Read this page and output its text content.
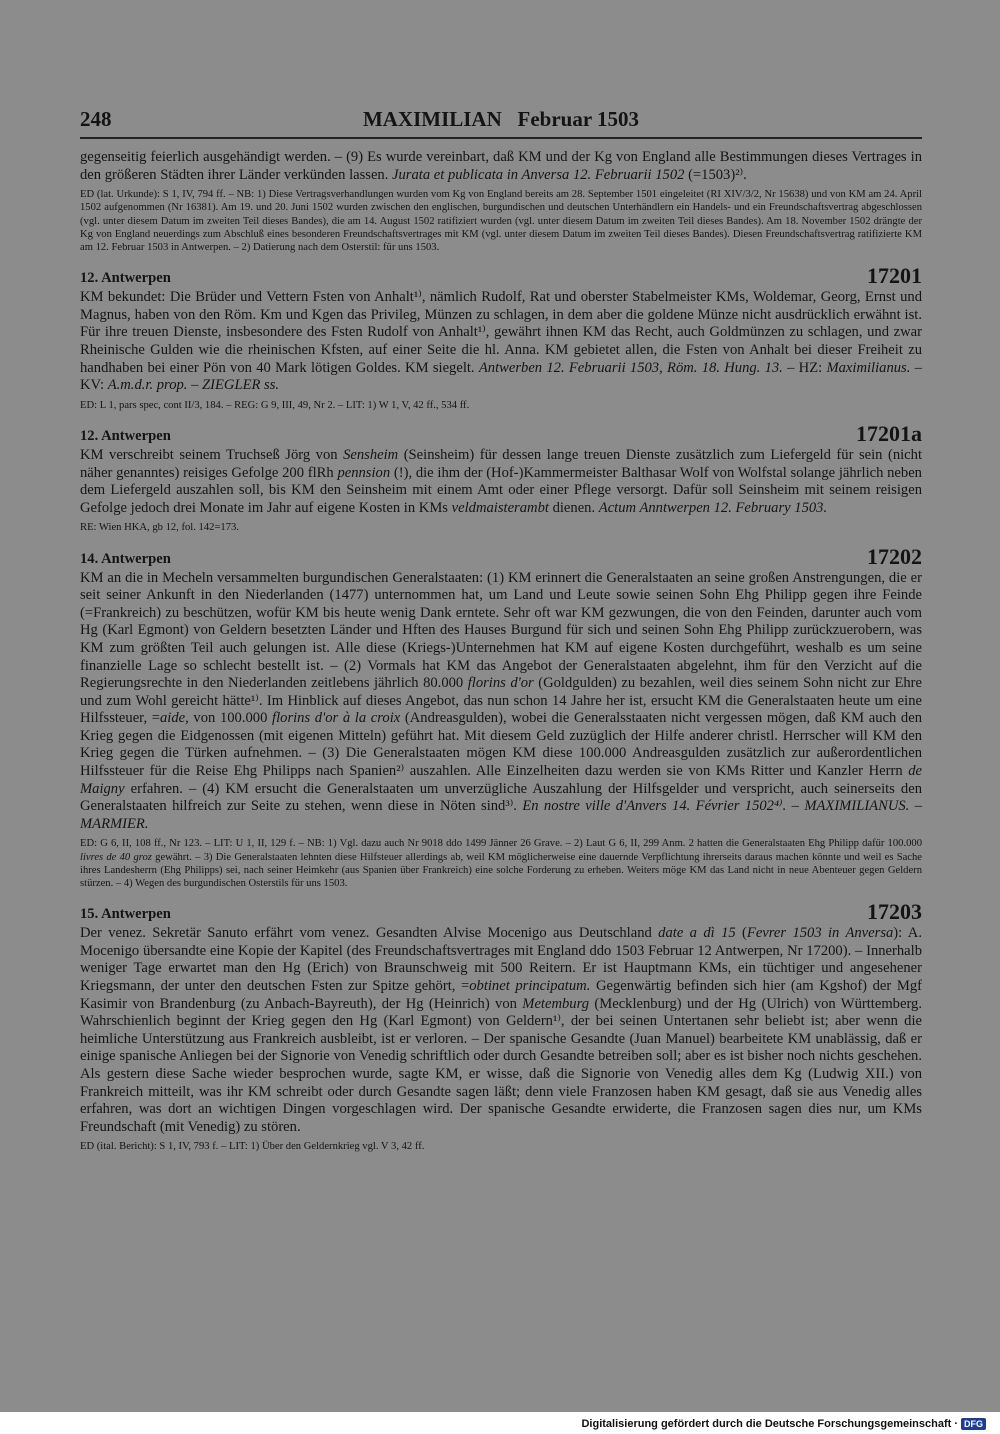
248	MAXIMILIAN   Februar 1503

gegenseitig feierlich ausgehändigt werden. – (9) Es wurde vereinbart, daß KM und der Kg von England alle Bestimmungen dieses Vertrages in den größeren Städten ihrer Länder verkünden lassen. Jurata et publicata in Anversa 12. Februarii 1502 (=1503)²⁾.

ED (lat. Urkunde): S 1, IV, 794 ff. – NB: 1) Diese Vertragsverhandlungen wurden vom Kg von England bereits am 28. September 1501 eingeleitet (RI XIV/3/2, Nr 15638) und von KM am 24. April 1502 aufgenommen (Nr 16381). Am 19. und 20. Juni 1502 wurden zwischen den englischen, burgundischen und deutschen Unterhändlern ein Handels- und ein Freundschaftsvertrag abgeschlossen (vgl. unter diesem Datum im zweiten Teil dieses Bandes), die am 14. August 1502 ratifiziert wurden (vgl. unter diesem Datum im zweiten Teil dieses Bandes). Am 18. November 1502 drängte der Kg von England neuerdings zum Abschluß eines besonderen Freundschaftsvertrages mit KM (vgl. unter diesem Datum im zweiten Teil dieses Bandes). Diesen Freundschaftsvertrag ratifizierte KM am 12. Februar 1503 in Antwerpen. – 2) Datierung nach dem Osterstil: für uns 1503.

12. Antwerpen	17201

KM bekundet: Die Brüder und Vettern Fsten von Anhalt¹⁾, nämlich Rudolf, Rat und oberster Stabelmeister KMs, Woldemar, Georg, Ernst und Magnus, haben von den Röm. Km und Kgen das Privileg, Münzen zu schlagen, in dem aber die goldene Münze nicht ausdrücklich erwähnt ist. Für ihre treuen Dienste, insbesondere des Fsten Rudolf von Anhalt¹⁾, gewährt ihnen KM das Recht, auch Goldmünzen zu schlagen, und zwar Rheinische Gulden wie die rheinischen Kfsten, auf einer Seite die hl. Anna. KM gebietet allen, die Fsten von Anhalt bei dieser Freiheit zu handhaben bei einer Pön von 40 Mark lötigen Goldes. KM siegelt. Antwerben 12. Februarii 1503, Röm. 18. Hung. 13. – HZ: Maximilianus. – KV: A.m.d.r. prop. – ZIEGLER ss.

ED: L 1, pars spec, cont II/3, 184. – REG: G 9, III, 49, Nr 2. – LIT: 1) W 1, V, 42 ff., 534 ff.

12. Antwerpen	17201a

KM verschreibt seinem Truchseß Jörg von Sensheim (Seinsheim) für dessen lange treuen Dienste zusätzlich zum Liefergeld für sein (nicht näher genanntes) reisiges Gefolge 200 flRh pennsion (!), die ihm der (Hof-)Kammermeister Balthasar Wolf von Wolfstal solange jährlich neben dem Liefergeld auszahlen soll, bis KM den Seinsheim mit einem Amt oder einer Pflege versorgt. Dafür soll Seinsheim mit seinem reisigen Gefolge jedoch drei Monate im Jahr auf eigene Kosten in KMs veldmaisterambt dienen. Actum Anntwerpen 12. February 1503.

RE: Wien HKA, gb 12, fol. 142=173.

14. Antwerpen	17202

KM an die in Mecheln versammelten burgundischen Generalstaaten: (1) KM erinnert die Generalstaaten an seine großen Anstrengungen, die er seit seiner Ankunft in den Niederlanden (1477) unternommen hat, um Land und Leute sowie seinen Sohn Ehg Philipp gegen ihre Feinde (=Frankreich) zu beschützen, wofür KM bis heute wenig Dank erntete. Sehr oft war KM gezwungen, die von den Feinden, darunter auch vom Hg (Karl Egmont) von Geldern besetzten Länder und Hften des Hauses Burgund für sich und seinen Sohn Ehg Philipp zurückzuerobern, was KM zum größten Teil auch gelungen ist. Alle diese (Kriegs-)Unternehmen hat KM auf eigene Kosten durchgeführt, weshalb es um seine finanzielle Lage so schlecht bestellt ist. – (2) Vormals hat KM das Angebot der Generalstaaten abgelehnt, ihm für den Verzicht auf die Regierungsrechte in den Niederlanden zeitlebens jährlich 80.000 florins d'or (Goldgulden) zu bezahlen, weil dies seinem Sohn nicht zur Ehre und zum Wohl gereicht hätte¹⁾. Im Hinblick auf dieses Angebot, das nun schon 14 Jahre her ist, ersucht KM die Generalstaaten heute um eine Hilfssteuer, =aide, von 100.000 florins d'or à la croix (Andreasgulden), wobei die Generalsstaaten nicht vergessen mögen, daß KM auch den Krieg gegen die Eidgenossen (mit eigenen Mitteln) geführt hat. Mit diesem Geld zuzüglich der Hilfe anderer christl. Herrscher will KM den Krieg gegen die Türken aufnehmen. – (3) Die Generalstaaten mögen KM diese 100.000 Andreasgulden zusätzlich zur außerordentlichen Hilfssteuer für die Reise Ehg Philipps nach Spanien²⁾ auszahlen. Alle Einzelheiten dazu werden sie von KMs Ritter und Kanzler Herrn de Maigny erfahren. – (4) KM ersucht die Generalstaaten um unverzügliche Auszahlung der Hilfsgelder und verspricht, auch seinerseits den Generalstaaten hilfreich zur Seite zu stehen, wenn diese in Nöten sind³⁾. En nostre ville d'Anvers 14. Février 1502⁴⁾. – MAXIMILIANUS. – MARMIER.

ED: G 6, II, 108 ff., Nr 123. – LIT: U 1, II, 129 f. – NB: 1) Vgl. dazu auch Nr 9018 ddo 1499 Jänner 26 Grave. – 2) Laut G 6, II, 299 Anm. 2 hatten die Generalstaaten Ehg Philipp dafür 100.000 livres de 40 groz gewährt. – 3) Die Generalstaaten lehnten diese Hilfsteuer allerdings ab, weil KM möglicherweise eine dauernde Verpflichtung ihrerseits daraus machen könnte und weil es Sache ihres Landesherrn (Ehg Philipps) sei, nach seiner Heimkehr (aus Spanien über Frankreich) eine solche Forderung zu erheben. Weiters möge KM das Land nicht in neue Abenteuer gegen Geldern stürzen. – 4) Wegen des burgundischen Osterstils für uns 1503.

15. Antwerpen	17203

Der venez. Sekretär Sanuto erfährt vom venez. Gesandten Alvise Mocenigo aus Deutschland date a dì 15 (Fevrer 1503 in Anversa): A. Mocenigo übersandte eine Kopie der Kapitel (des Freundschaftsvertrages mit England ddo 1503 Februar 12 Antwerpen, Nr 17200). – Innerhalb weniger Tage erwartet man den Hg (Erich) von Braunschweig mit 500 Reitern. Er ist Hauptmann KMs, ein tüchtiger und angesehener Kriegsmann, der unter den deutschen Fsten zur Spitze gehört, =obtinet principatum. Gegenwärtig befinden sich hier (am Kgshof) der Mgf Kasimir von Brandenburg (zu Anbach-Bayreuth), der Hg (Heinrich) von Metemburg (Mecklenburg) und der Hg (Ulrich) von Württemberg. Wahrschienlich beginnt der Krieg gegen den Hg (Karl Egmont) von Geldern¹⁾, der bei seinen Untertanen sehr beliebt ist; aber wenn die heimliche Unterstützung aus Frankreich ausbleibt, ist er verloren. – Der spanische Gesandte (Juan Manuel) bearbeitete KM unablässig, daß er einige spanische Anliegen bei der Signorie von Venedig schriftlich oder durch Gesandte betreiben soll; aber es ist bisher noch nichts geschehen. Als gestern diese Sache wieder besprochen wurde, sagte KM, er wisse, daß die Signorie von Venedig alles dem Kg (Ludwig XII.) von Frankreich mitteilt, was ihr KM schreibt oder durch Gesandte sagen läßt; denn viele Franzosen haben KM gesagt, daß sie aus Venedig alles erfahren, was dort an wichtigen Dingen vorgeschlagen wird. Der spanische Gesandte erwiderte, die Franzosen sagen dies nur, um KMs Freundschaft (mit Venedig) zu stören.

ED (ital. Bericht): S 1, IV, 793 f. – LIT: 1) Über den Geldernkrieg vgl. V 3, 42 ff.

Digitalisierung gefördert durch die Deutsche Forschungsgemeinschaft · DFG
